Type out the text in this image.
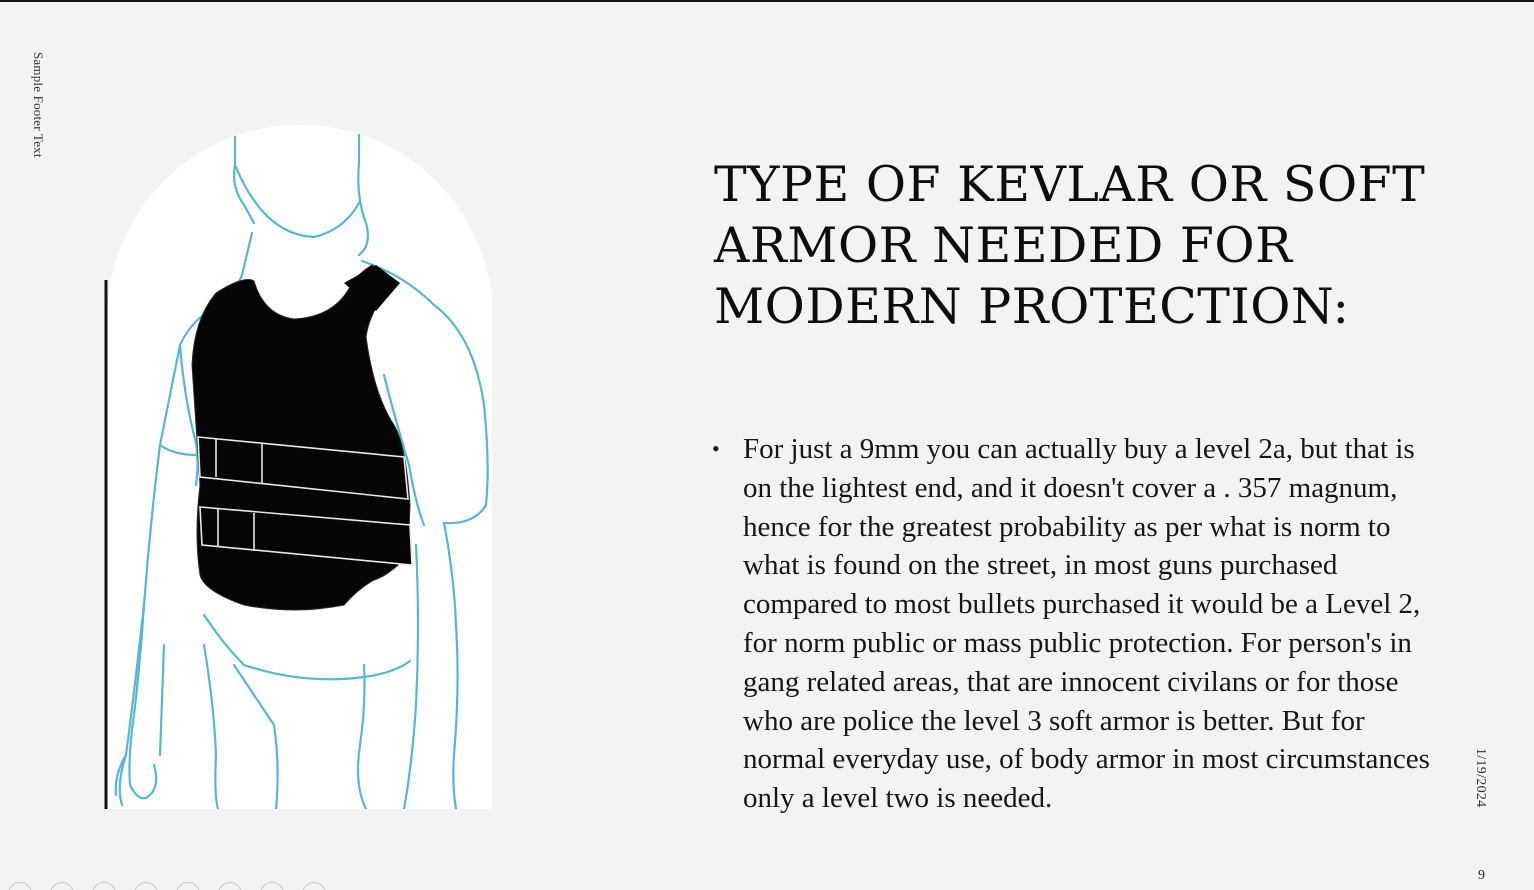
Sample Footer Text
TYPE OF KEVLAR OR SOFT ARMOR NEEDED FOR MODERN PROTECTION:
• For just a 9mm you can actually buy a level 2a, but that is on the lightest end, and it doesn't cover a . 357 magnum, hence for the greatest probability as per what is norm to what is found on the street, in most guns purchased compared to most bullets purchased it would be a Level 2, for norm public or mass public protection. For person's in gang related areas, that are innocent civilans or for those who are police the level 3 soft armor is better. But for normal everyday use, of body armor in most circumstances only a level two is needed.	1/19/2024
9
